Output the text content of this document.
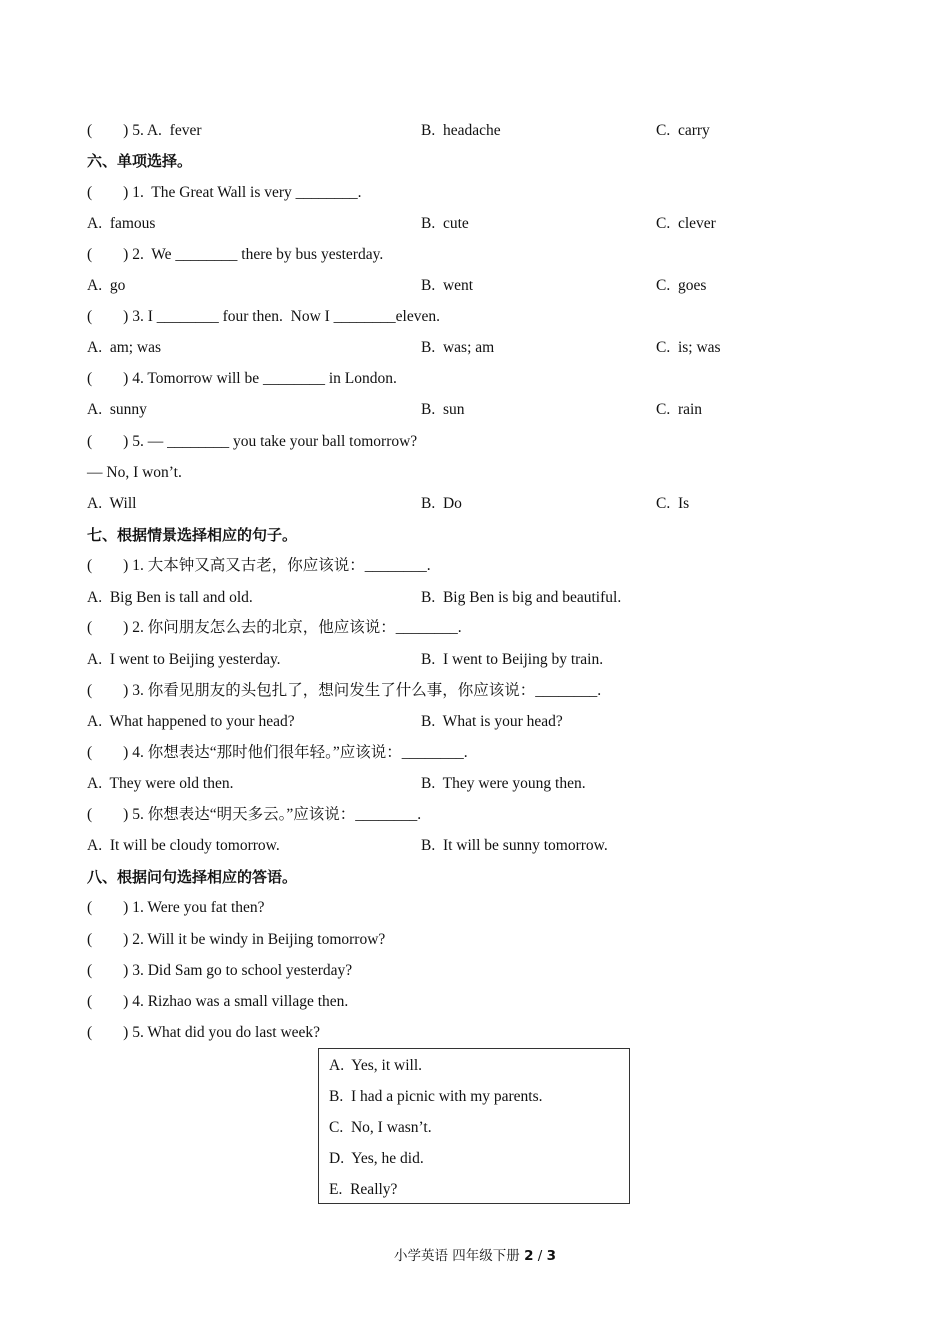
(　　) 5. A.  fever	B.  headache	C.  carry
六、单项选择。
(　　) 1.  The Great Wall is very ________.
A.  famous	B.  cute	C.  clever
(　　) 2.  We ________ there by bus yesterday.
A.  go	B.  went	C.  goes
(　　) 3. I ________ four then.  Now I ________eleven.
A.  am; was	B.  was; am	C.  is; was
(　　) 4. Tomorrow will be ________ in London.
A.  sunny	B.  sun	C.  rain
(　　) 5. — ________ you take your ball tomorrow?
— No, I won’t.
A.  Will	B.  Do	C.  Is
七、根据情景选择相应的句子。
(　　) 1. 大本钟又高又古老，你应该说：________.
A.  Big Ben is tall and old.	B.  Big Ben is big and beautiful.
(　　) 2. 你问朋友怎么去的北京，他应该说：________.
A.  I went to Beijing yesterday.	B.  I went to Beijing by train.
(　　) 3. 你看见朋友的头包扎了，想问发生了什么事，你应该说：________.
A.  What happened to your head?	B.  What is your head?
(　　) 4. 你想表达“那时他们很年轻。”应该说：________.
A.  They were old then.	B.  They were young then.
(　　) 5. 你想表达“明天多云。”应该说：________.
A.  It will be cloudy tomorrow.	B.  It will be sunny tomorrow.
八、根据问句选择相应的答语。
(　　) 1. Were you fat then?
(　　) 2. Will it be windy in Beijing tomorrow?
(　　) 3. Did Sam go to school yesterday?
(　　) 4. Rizhao was a small village then.
(　　) 5. What did you do last week?
A.  Yes, it will.
B.  I had a picnic with my parents.
C.  No, I wasn’t.
D.  Yes, he did.
E.  Really?
小学英语 四年级下册 2 / 3
